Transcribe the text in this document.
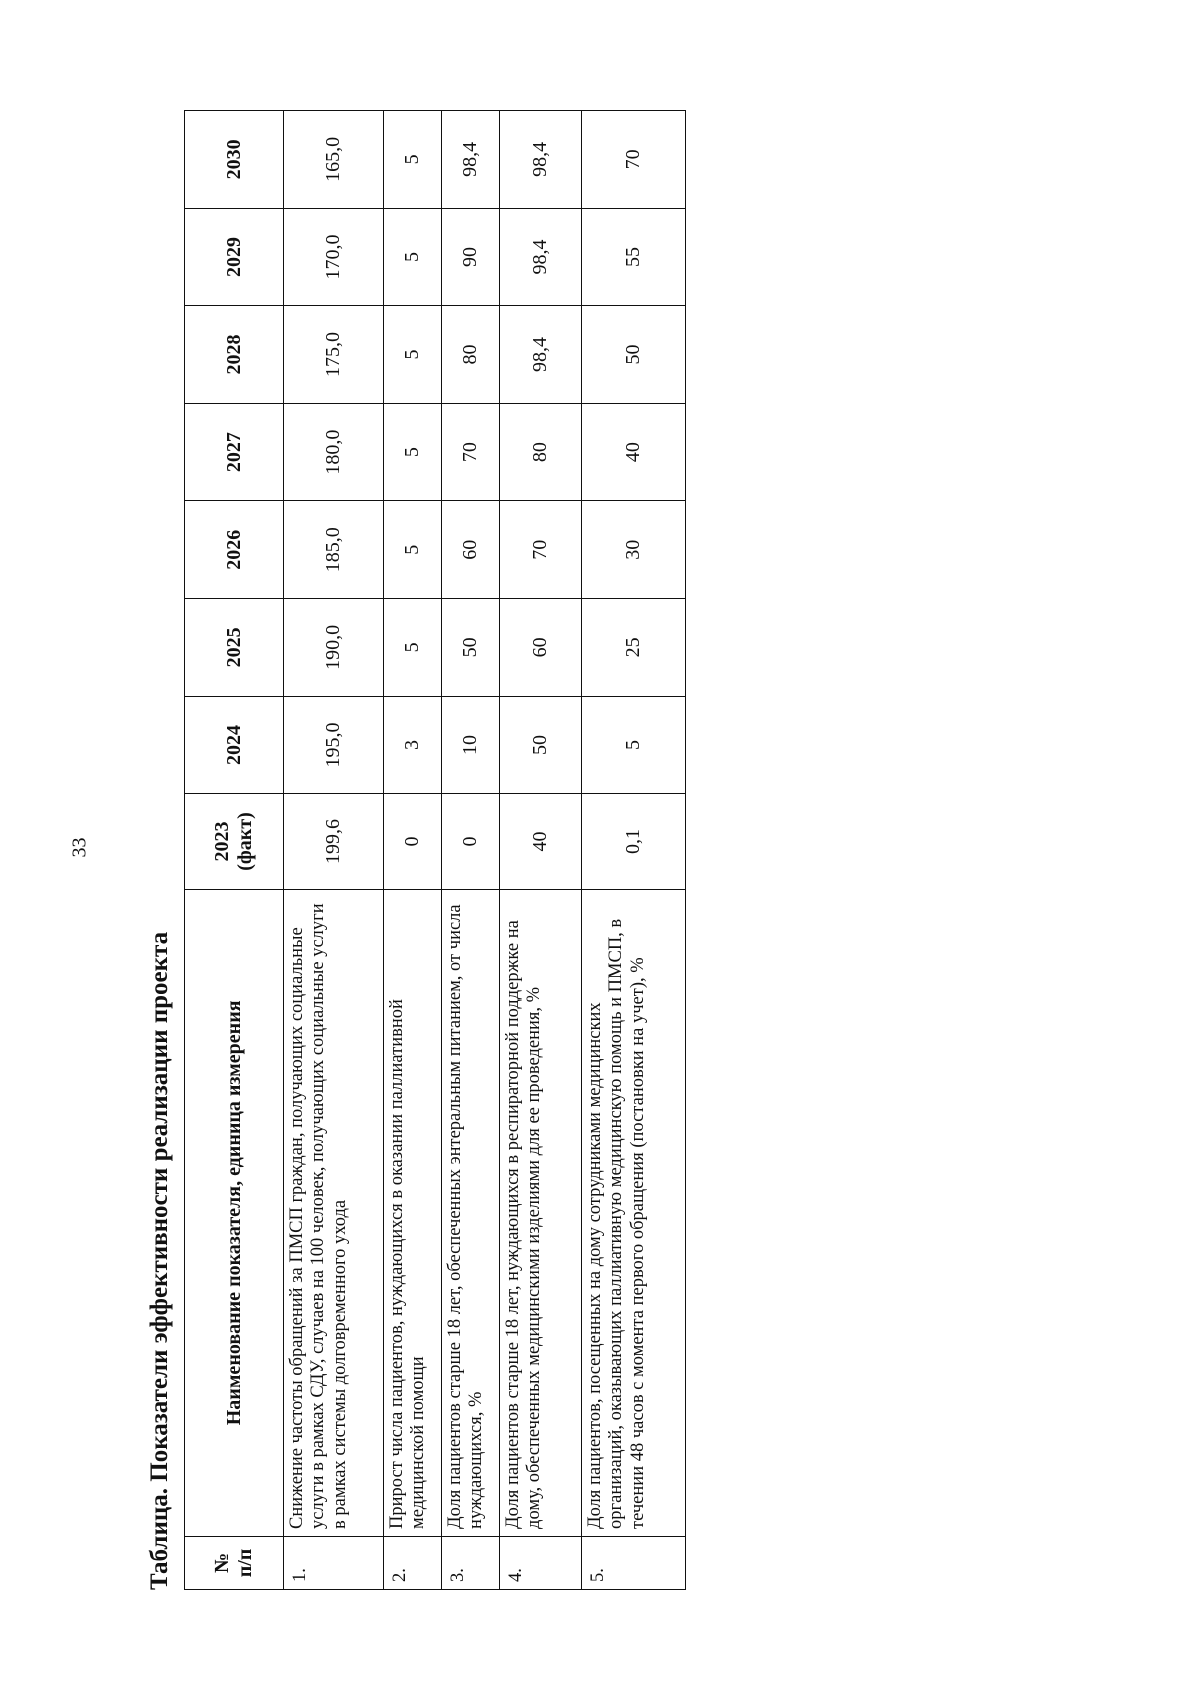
33
Таблица. Показатели эффективности реализации проекта	№ п/п	Наименование показателя, единица измерения	2023 (факт)	2024	2025	2026	2027	2028	2029	2030
1.	Снижение частоты обращений за ПМСП граждан, получающих социальные услуги в рамках СДУ, случаев на 100 человек, получающих социальные услуги в рамках системы долговременного ухода	199,6	195,0	190,0	185,0	180,0	175,0	170,0	165,0
2.	Прирост числа пациентов, нуждающихся в оказании паллиативной медицинской помощи	0	3	5	5	5	5	5	5
3.	Доля пациентов старше 18 лет, обеспеченных энтеральным питанием, от числа нуждающихся, %	0	10	50	60	70	80	90	98,4
4.	Доля пациентов старше 18 лет, нуждающихся в респираторной поддержке на дому, обеспеченных медицинскими изделиями для ее проведения, %	40	50	60	70	80	98,4	98,4	98,4
5.	Доля пациентов, посещенных на дому сотрудниками медицинских организаций, оказывающих паллиативную медицинскую помощь и ПМСП, в течении 48 часов с момента первого обращения (постановки на учет), %	0,1	5	25	30	40	50	55	70
